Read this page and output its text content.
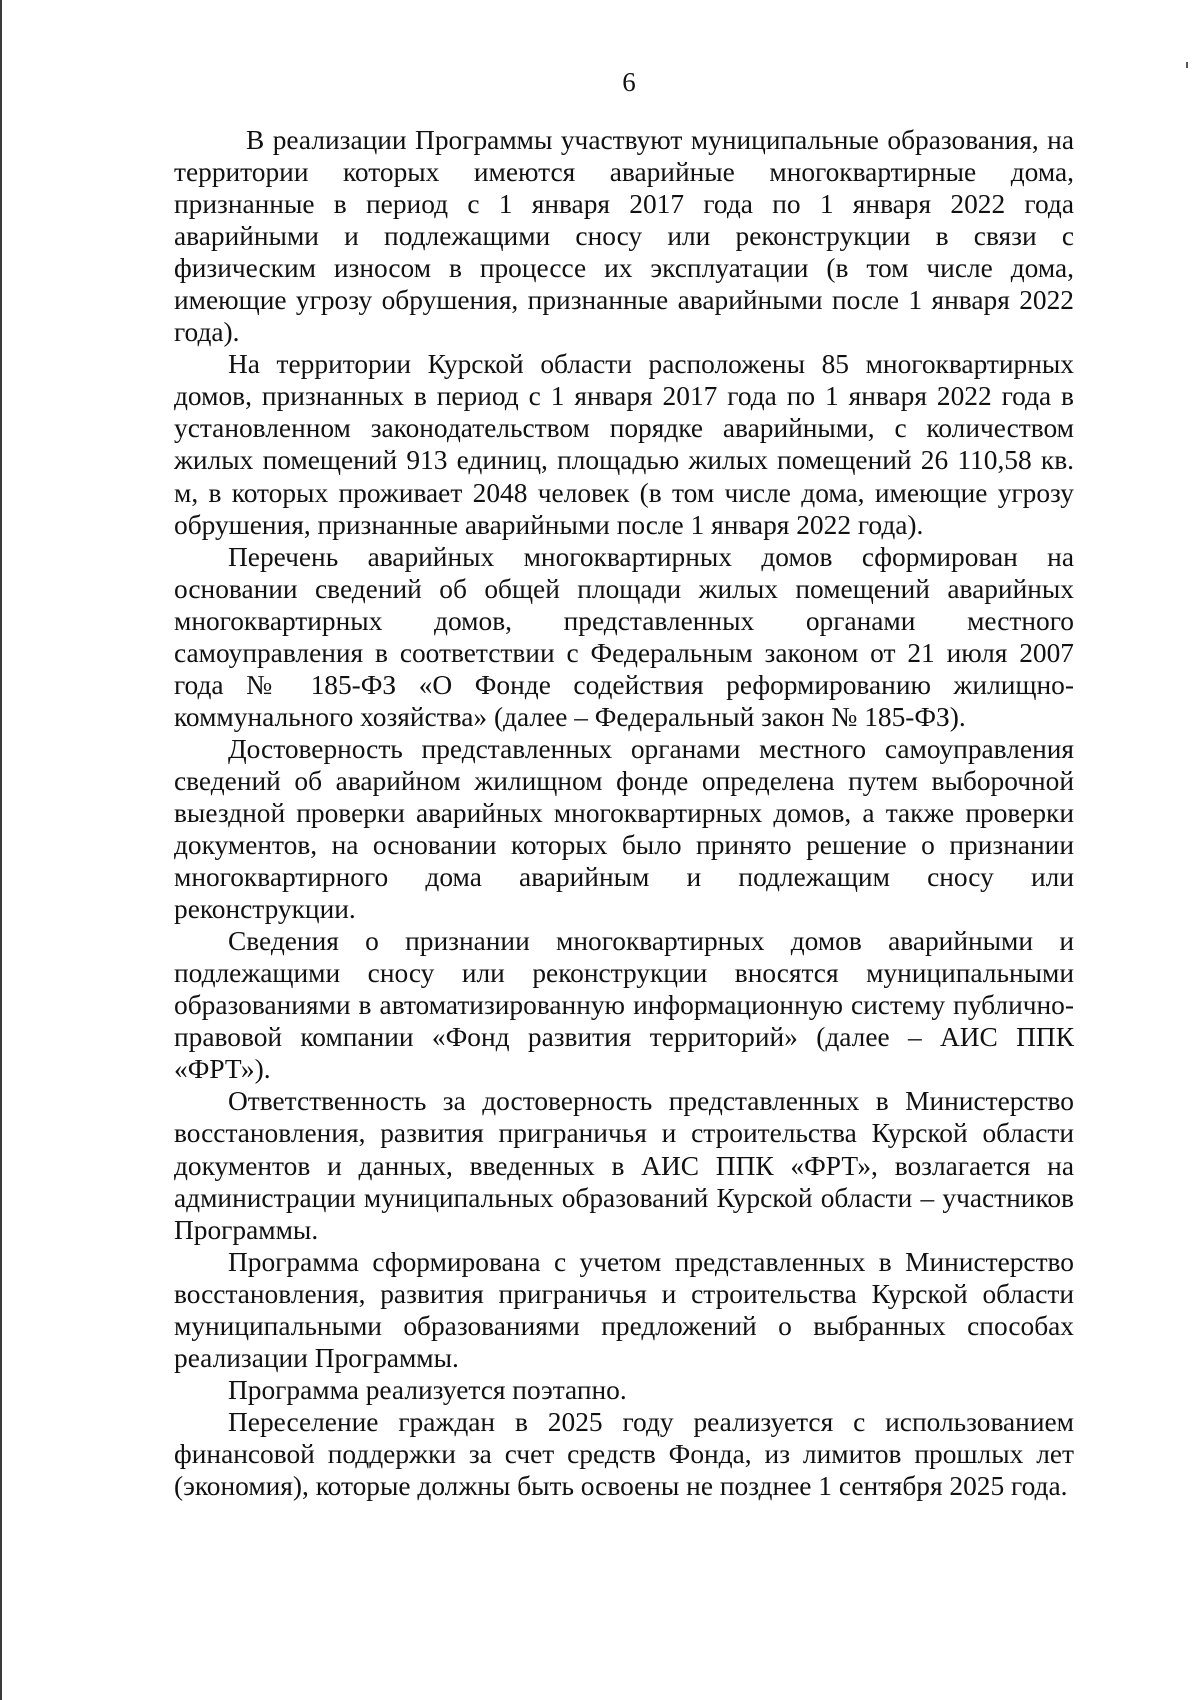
6

В реализации Программы участвуют муниципальные образования, на территории которых имеются аварийные многоквартирные дома, признанные в период с 1 января 2017 года по 1 января 2022 года аварийными и подлежащими сносу или реконструкции в связи с физическим износом в процессе их эксплуатации (в том числе дома, имеющие угрозу обрушения, признанные аварийными после 1 января 2022 года).

На территории Курской области расположены 85 многоквартирных домов, признанных в период с 1 января 2017 года по 1 января 2022 года в установленном законодательством порядке аварийными, с количеством жилых помещений 913 единиц, площадью жилых помещений 26 110,58 кв. м, в которых проживает 2048 человек (в том числе дома, имеющие угрозу обрушения, признанные аварийными после 1 января 2022 года).

Перечень аварийных многоквартирных домов сформирован на основании сведений об общей площади жилых помещений аварийных многоквартирных домов, представленных органами местного самоуправления в соответствии с Федеральным законом от 21 июля 2007 года № 185-ФЗ «О Фонде содействия реформированию жилищно-коммунального хозяйства» (далее – Федеральный закон № 185-ФЗ).

Достоверность представленных органами местного самоуправления сведений об аварийном жилищном фонде определена путем выборочной выездной проверки аварийных многоквартирных домов, а также проверки документов, на основании которых было принято решение о признании многоквартирного дома аварийным и подлежащим сносу или реконструкции.

Сведения о признании многоквартирных домов аварийными и подлежащими сносу или реконструкции вносятся муниципальными образованиями в автоматизированную информационную систему публично-правовой компании «Фонд развития территорий» (далее – АИС ППК «ФРТ»).

Ответственность за достоверность представленных в Министерство восстановления, развития приграничья и строительства Курской области документов и данных, введенных в АИС ППК «ФРТ», возлагается на администрации муниципальных образований Курской области – участников Программы.

Программа сформирована с учетом представленных в Министерство восстановления, развития приграничья и строительства Курской области муниципальными образованиями предложений о выбранных способах реализации Программы.

Программа реализуется поэтапно.

Переселение граждан в 2025 году реализуется с использованием финансовой поддержки за счет средств Фонда, из лимитов прошлых лет (экономия), которые должны быть освоены не позднее 1 сентября 2025 года.
